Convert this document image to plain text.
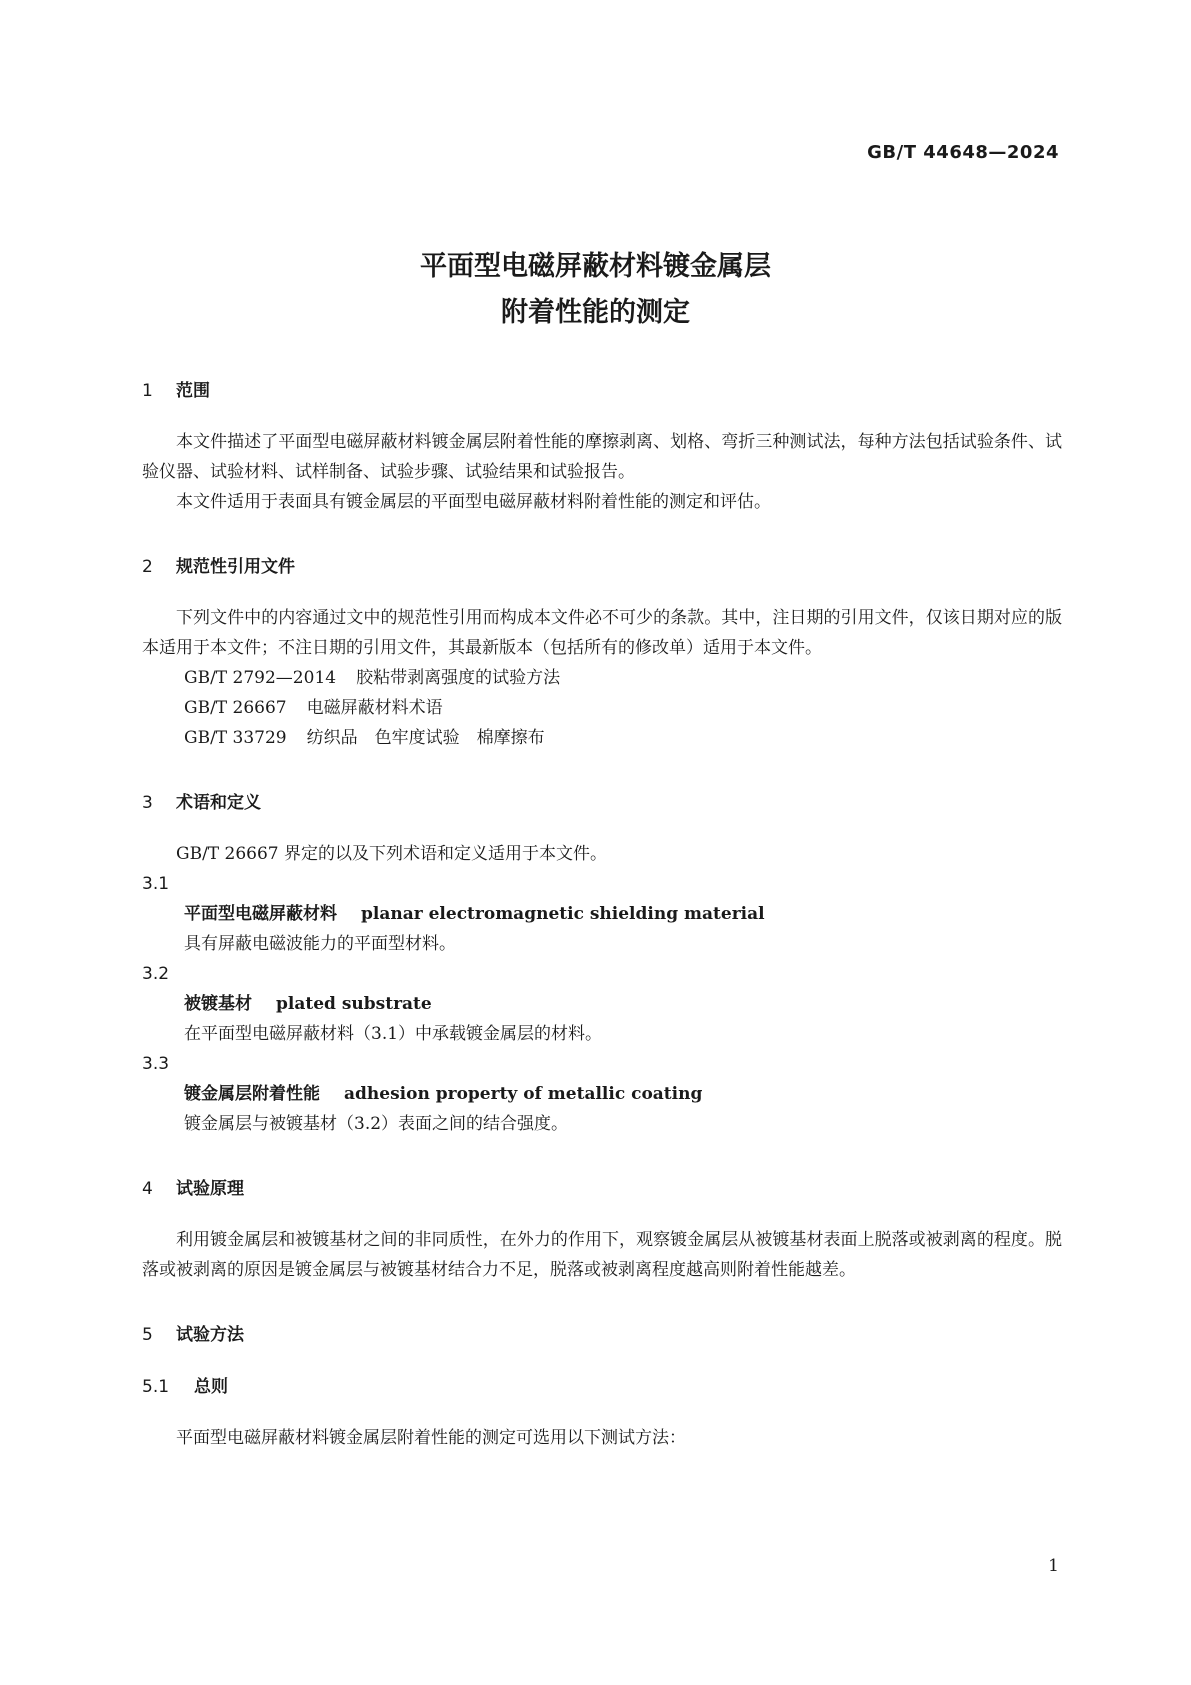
GB/T 44648—2024
平面型电磁屏蔽材料镀金属层
附着性能的测定
1 范围

本文件描述了平面型电磁屏蔽材料镀金属层附着性能的摩擦剥离、划格、弯折三种测试法，每种方法包括试验条件、试验仪器、试验材料、试样制备、试验步骤、试验结果和试验报告。

本文件适用于表面具有镀金属层的平面型电磁屏蔽材料附着性能的测定和评估。

2 规范性引用文件

下列文件中的内容通过文中的规范性引用而构成本文件必不可少的条款。其中，注日期的引用文件，仅该日期对应的版本适用于本文件；不注日期的引用文件，其最新版本（包括所有的修改单）适用于本文件。

GB/T 2792—2014 胶粘带剥离强度的试验方法
GB/T 26667 电磁屏蔽材料术语
GB/T 33729 纺织品　色牢度试验　棉摩擦布
3 术语和定义

GB/T 26667 界定的以及下列术语和定义适用于本文件。

3.1
平面型电磁屏蔽材料 planar electromagnetic shielding material
具有屏蔽电磁波能力的平面型材料。
3.2
被镀基材 plated substrate
在平面型电磁屏蔽材料（3.1）中承载镀金属层的材料。
3.3
镀金属层附着性能 adhesion property of metallic coating
镀金属层与被镀基材（3.2）表面之间的结合强度。
4 试验原理

利用镀金属层和被镀基材之间的非同质性，在外力的作用下，观察镀金属层从被镀基材表面上脱落或被剥离的程度。脱落或被剥离的原因是镀金属层与被镀基材结合力不足，脱落或被剥离程度越高则附着性能越差。

5 试验方法
5.1 总则

平面型电磁屏蔽材料镀金属层附着性能的测定可选用以下测试方法：

1
